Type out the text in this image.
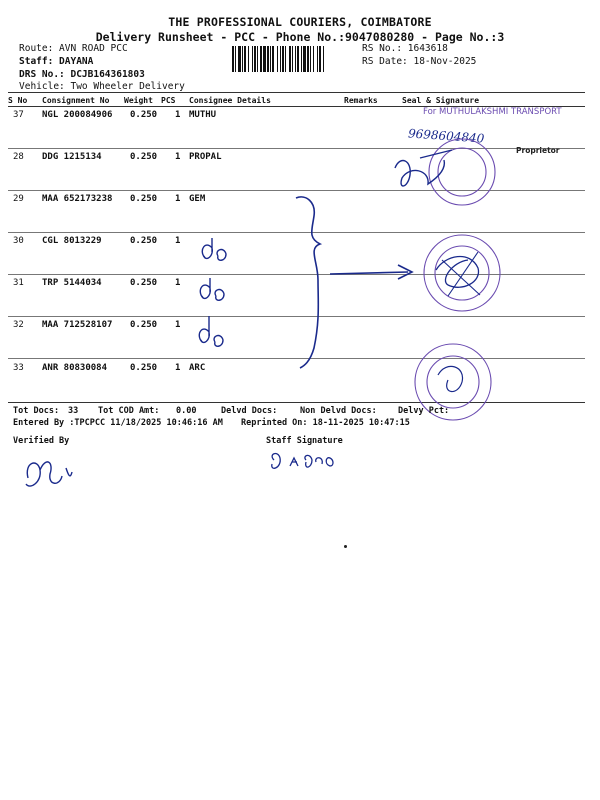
THE PROFESSIONAL COURIERS, COIMBATORE
Delivery Runsheet - PCC - Phone No.:9047080280 - Page No.:3
Route: AVN ROAD PCC
Staff: DAYANA
DRS No.: DCJB164361803
Vehicle: Two Wheeler Delivery
RS No.: 1643618
RS Date: 18-Nov-2025
S No Consignment No Weight PCS Consignee Details	Remarks	Seal & Signature
37 NGL 200084906 0.250 1 MUTHU
28 DDG 1215134	0.250 1 PROPAL
29 MAA 652173238 0.250 1 GEM
30 CGL 8013229	0.250 1
31 TRP 5144034	0.250 1
32 MAA 712528107 0.250 1
33 ANR 80830084	0.250 1 ARC
For MUTHULAKSHMI TRANSPORT
Proprietor
9698604840
Tot Docs: 33 Tot COD Amt: 0.00	Delvd Docs:	Non Delvd Docs: Delvy Pct:
Entered By :TPCPCC 11/18/2025 10:46:16 AM Reprinted On: 18-11-2025 10:47:15
Verified By	Staff Signature
